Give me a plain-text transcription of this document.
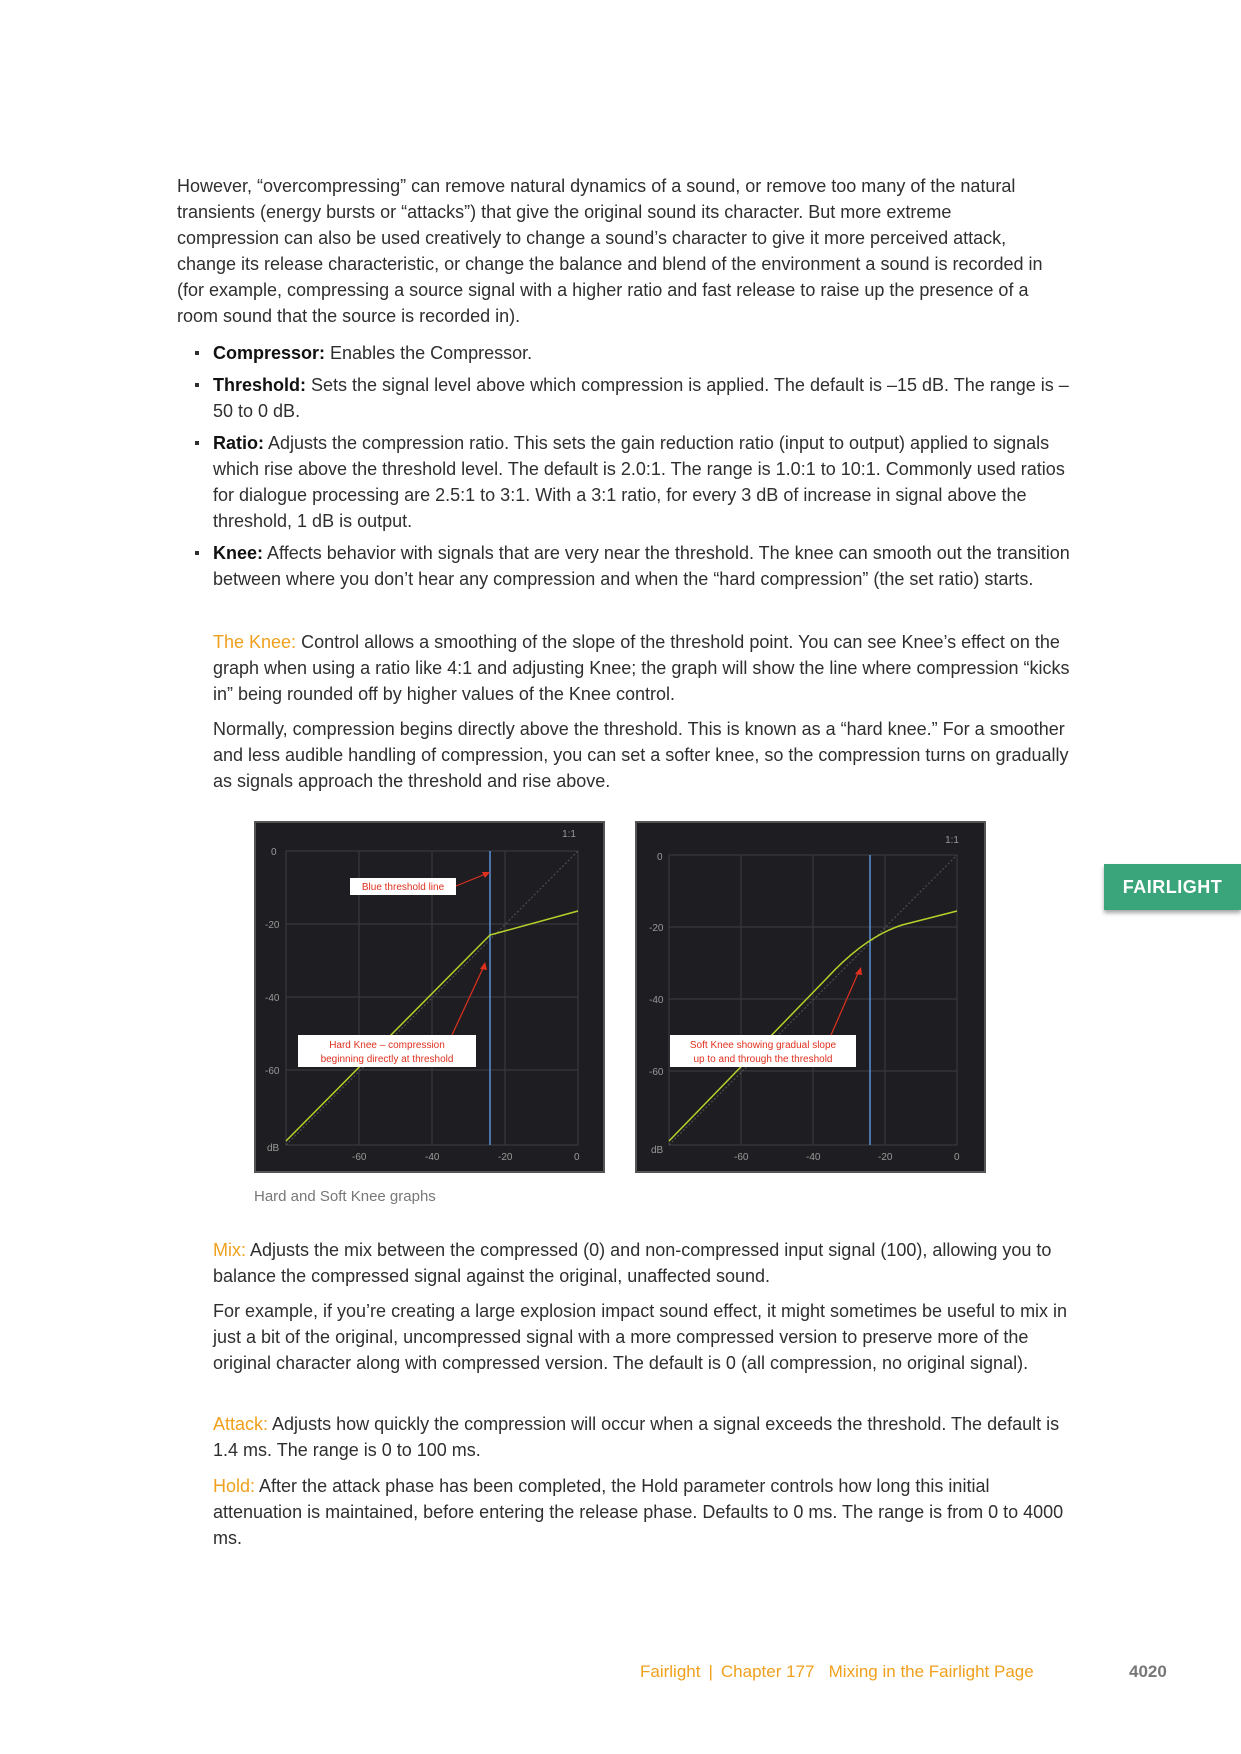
However, “overcompressing” can remove natural dynamics of a sound, or remove too many of the natural transients (energy bursts or “attacks”) that give the original sound its character. But more extreme compression can also be used creatively to change a sound’s character to give it more perceived attack, change its release characteristic, or change the balance and blend of the environment a sound is recorded in (for example, compressing a source signal with a higher ratio and fast release to raise up the presence of a room sound that the source is recorded in).

Compressor: Enables the Compressor.
Threshold: Sets the signal level above which compression is applied. The default is –15 dB. The range is –50 to 0 dB.
Ratio: Adjusts the compression ratio. This sets the gain reduction ratio (input to output) applied to signals which rise above the threshold level. The default is 2.0:1. The range is 1.0:1 to 10:1. Commonly used ratios for dialogue processing are 2.5:1 to 3:1. With a 3:1 ratio, for every 3 dB of increase in signal above the threshold, 1 dB is output.
Knee: Affects behavior with signals that are very near the threshold. The knee can smooth out the transition between where you don’t hear any compression and when the “hard compression” (the set ratio) starts.

The Knee: Control allows a smoothing of the slope of the threshold point. You can see Knee’s effect on the graph when using a ratio like 4:1 and adjusting Knee; the graph will show the line where compression “kicks in” being rounded off by higher values of the Knee control.

Normally, compression begins directly above the threshold. This is known as a “hard knee.” For a smoother and less audible handling of compression, you can set a softer knee, so the compression turns on gradually as signals approach the threshold and rise above.

1:1
0
-20
-40
-60
dB
-60	-40	-20	0
Blue threshold line
Hard Knee – compression
beginning directly at threshold
1:1
0
-20
-40
-60
dB
-60	-40	-20	0
Soft Knee showing gradual slope
up to and through the threshold
Hard and Soft Knee graphs

Mix: Adjusts the mix between the compressed (0) and non-compressed input signal (100), allowing you to balance the compressed signal against the original, unaffected sound.

For example, if you’re creating a large explosion impact sound effect, it might sometimes be useful to mix in just a bit of the original, uncompressed signal with a more compressed version to preserve more of the original character along with compressed version. The default is 0 (all compression, no original signal).

Attack: Adjusts how quickly the compression will occur when a signal exceeds the threshold. The default is 1.4 ms. The range is 0 to 100 ms.

Hold: After the attack phase has been completed, the Hold parameter controls how long this initial attenuation is maintained, before entering the release phase. Defaults to 0 ms. The range is from 0 to 4000 ms.

FAIRLIGHT
Fairlight | Chapter 177 Mixing in the Fairlight Page	4020
